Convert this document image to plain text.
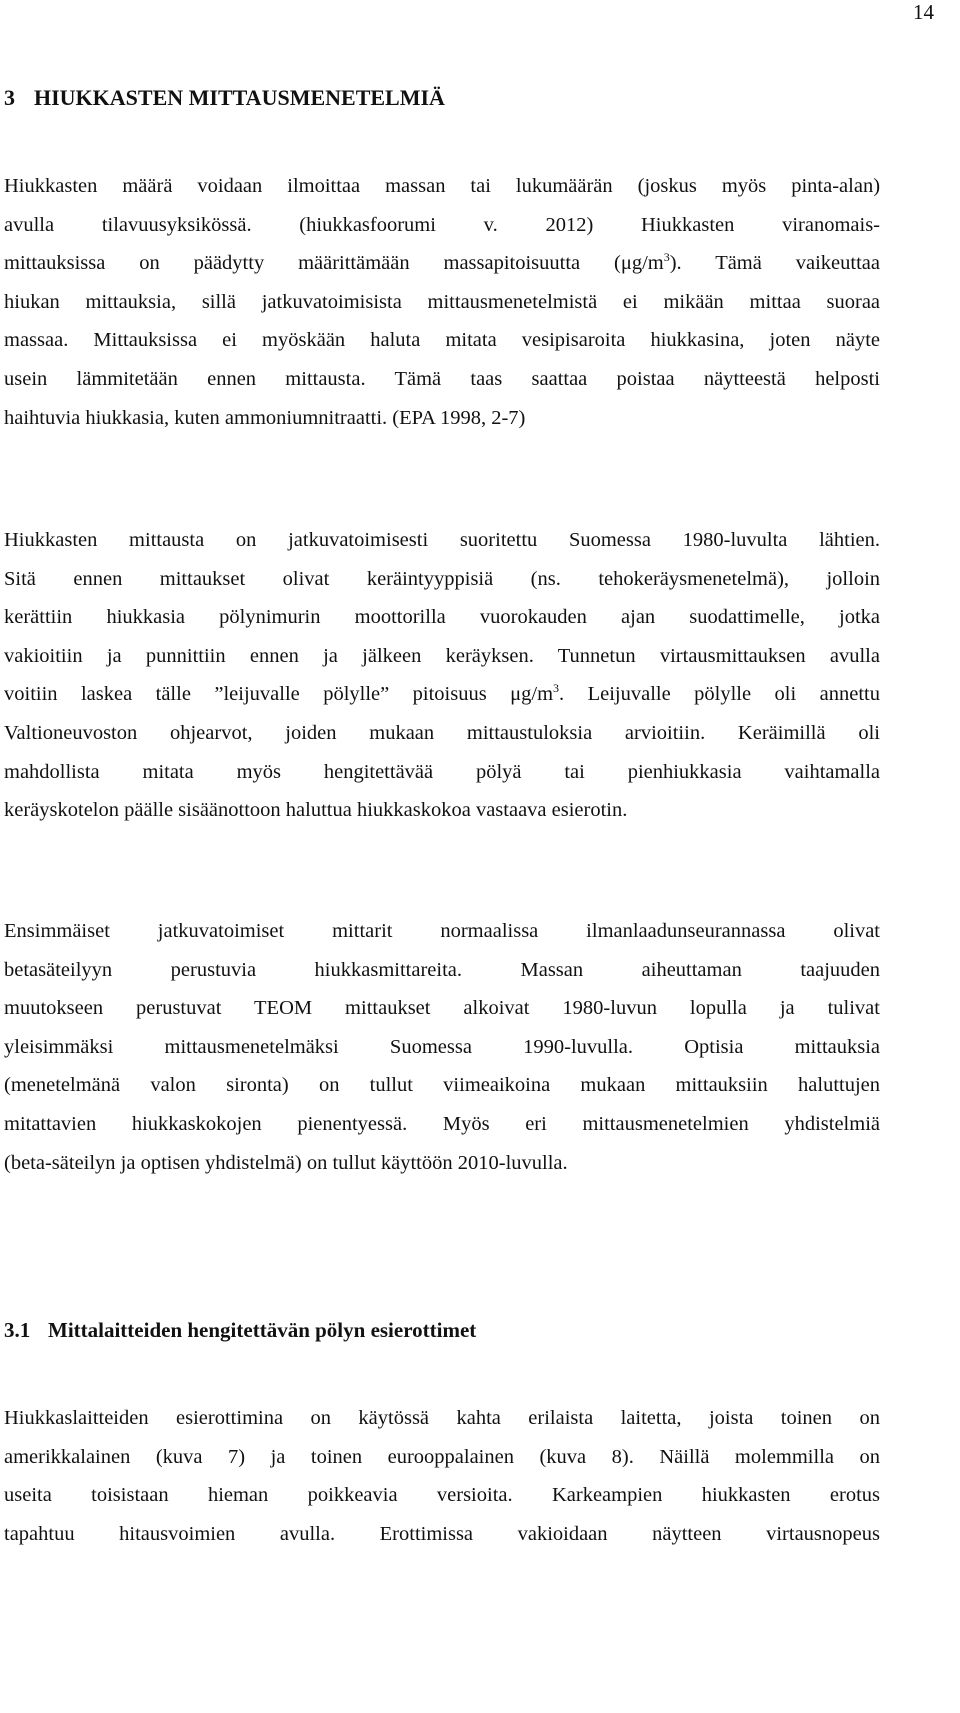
14
3 HIUKKASTEN MITTAUSMENETELMIÄ
Hiukkasten määrä voidaan ilmoittaa massan tai lukumäärän (joskus myös pinta-alan)
avulla tilavuusyksikössä. (hiukkasfoorumi v. 2012) Hiukkasten viranomais-
mittauksissa on päädytty määrittämään massapitoisuutta $(\mu g/m^3)$. Tämä vaikeuttaa
hiukan mittauksia, sillä jatkuvatoimisista mittausmenetelmistä ei mikään mittaa suoraa
massaa. Mittauksissa ei myöskään haluta mitata vesipisaroita hiukkasina, joten näyte
usein lämmitetään ennen mittausta. Tämä taas saattaa poistaa näytteestä helposti
haihtuvia hiukkasia, kuten ammoniumnitraatti. (EPA 1998, 2-7)
Hiukkasten mittausta on jatkuvatoimisesti suoritettu Suomessa 1980-luvulta lähtien.
Sitä ennen mittaukset olivat keräintyyppisiä (ns. tehokeräysmenetelmä), jolloin
kerättiin hiukkasia pölynimurin moottorilla vuorokauden ajan suodattimelle, jotka
vakioitiin ja punnittiin ennen ja jälkeen keräyksen. Tunnetun virtausmittauksen avulla
voitiin laskea tälle ”leijuvalle pölylle” pitoisuus $\mu g/m^3$. Leijuvalle pölylle oli annettu
Valtioneuvoston ohjearvot, joiden mukaan mittaustuloksia arvioitiin. Keräimillä oli
mahdollista mitata myös hengitettävää pölyä tai pienhiukkasia vaihtamalla
keräyskotelon päälle sisäänottoon haluttua hiukkaskokoa vastaava esierotin.
Ensimmäiset jatkuvatoimiset mittarit normaalissa ilmanlaadunseurannassa olivat
betasäteilyyn perustuvia hiukkasmittareita. Massan aiheuttaman taajuuden
muutokseen perustuvat TEOM mittaukset alkoivat 1980-luvun lopulla ja tulivat
yleisimmäksi mittausmenetelmäksi Suomessa 1990-luvulla. Optisia mittauksia
(menetelmänä valon sironta) on tullut viimeaikoina mukaan mittauksiin haluttujen
mitattavien hiukkaskokojen pienentyessä. Myös eri mittausmenetelmien yhdistelmiä
(beta-säteilyn ja optisen yhdistelmä) on tullut käyttöön 2010-luvulla.
3.1 Mittalaitteiden hengitettävän pölyn esierottimet
Hiukkaslaitteiden esierottimina on käytössä kahta erilaista laitetta, joista toinen on
amerikkalainen (kuva 7) ja toinen eurooppalainen (kuva 8). Näillä molemmilla on
useita toisistaan hieman poikkeavia versioita. Karkeampien hiukkasten erotus
tapahtuu hitausvoimien avulla. Erottimissa vakioidaan näytteen virtausnopeus
